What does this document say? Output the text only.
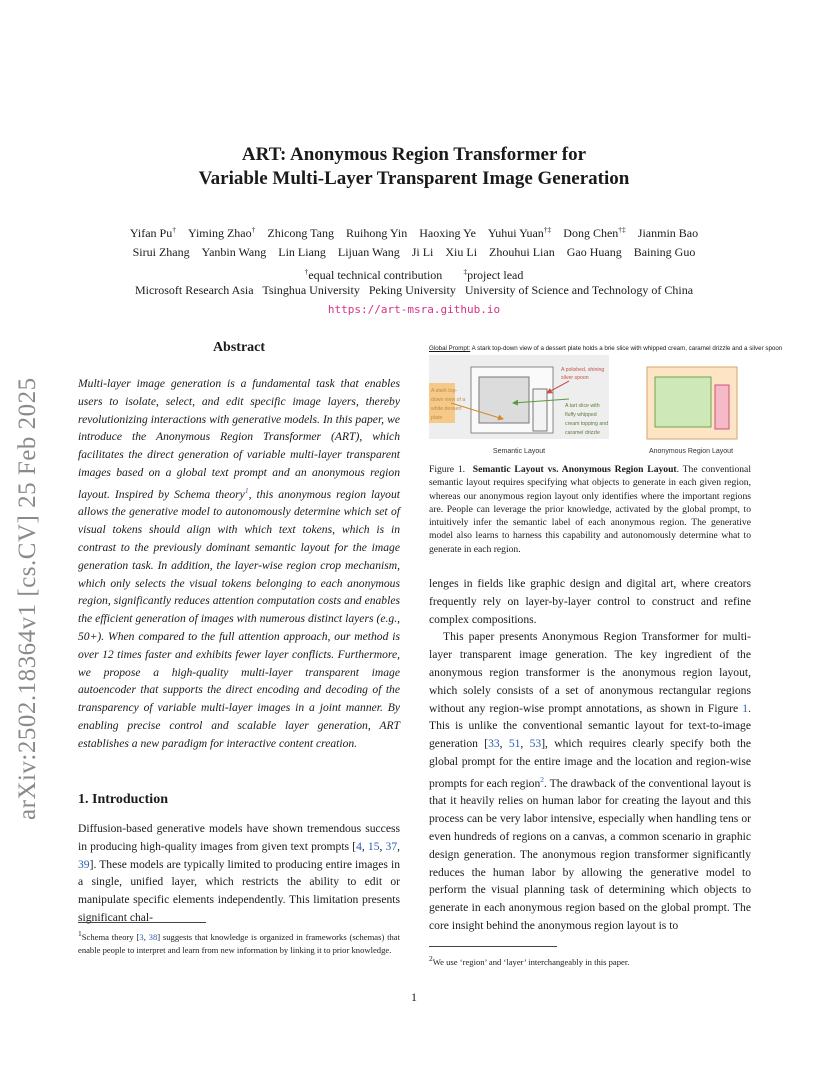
arXiv:2502.18364v1 [cs.CV] 25 Feb 2025
ART: Anonymous Region Transformer for
Variable Multi-Layer Transparent Image Generation
Yifan Pu†  Yiming Zhao†  Zhicong Tang  Ruihong Yin  Haoxing Ye  Yuhui Yuan†‡  Dong Chen†‡  Jianmin Bao
Sirui Zhang  Yanbin Wang  Lin Liang  Lijuan Wang  Ji Li  Xiu Li  Zhouhui Lian  Gao Huang  Baining Guo
†equal technical contribution	‡project lead
Microsoft Research Asia   Tsinghua University   Peking University   University of Science and Technology of China
https://art-msra.github.io
Abstract
Multi-layer image generation is a fundamental task that enables users to isolate, select, and edit specific image layers, thereby revolutionizing interactions with generative models. In this paper, we introduce the Anonymous Region Transformer (ART), which facilitates the direct generation of variable multi-layer transparent images based on a global text prompt and an anonymous region layout. Inspired by Schema theory$^1$, this anonymous region layout allows the generative model to autonomously determine which set of visual tokens should align with which text tokens, which is in contrast to the previously dominant semantic layout for the image generation task. In addition, the layer-wise region crop mechanism, which only selects the visual tokens belonging to each anonymous region, significantly reduces attention computation costs and enables the efficient generation of images with numerous distinct layers (e.g., 50+). When compared to the full attention approach, our method is over 12 times faster and exhibits fewer layer conflicts. Furthermore, we propose a high-quality multi-layer transparent image autoencoder that supports the direct encoding and decoding of the transparency of variable multi-layer images in a joint manner. By enabling precise control and scalable layer generation, ART establishes a new paradigm for interactive content creation.
1. Introduction
Diffusion-based generative models have shown tremendous success in producing high-quality images from given text prompts [4, 15, 37, 39]. These models are typically limited to producing entire images in a single, unified layer, which restricts the ability to edit or manipulate specific elements independently. This limitation presents significant chal-
$^1$Schema theory [3, 38] suggests that knowledge is organized in frameworks (schemas) that enable people to interpret and learn from new information by linking it to prior knowledge.
Global Prompt: A stark top-down view of a dessert plate holds a brie slice with whipped cream, caramel drizzle and a silver spoon
A stark top- down view of a white dessert plate
A polished, shining silver spoon
A tart slice with fluffy whipped cream topping and caramel drizzle
Semantic Layout	Anonymous Region Layout
Figure 1.  Semantic Layout vs. Anonymous Region Layout. The conventional semantic layout requires specifying what objects to generate in each given region, whereas our anonymous region layout only identifies where the important regions are. People can leverage the prior knowledge, activated by the global prompt, to intuitively infer the semantic label of each anonymous region. The generative model also learns to harness this capability and autonomously determine what to generate in each region.

lenges in fields like graphic design and digital art, where creators frequently rely on layer-by-layer control to construct and refine complex compositions.

This paper presents Anonymous Region Transformer for multi-layer transparent image generation. The key ingredient of the anonymous region transformer is the anonymous region layout, which solely consists of a set of anonymous rectangular regions without any region-wise prompt annotations, as shown in Figure 1. This is unlike the conventional semantic layout for text-to-image generation [33, 51, 53], which requires clearly specify both the global prompt for the entire image and the location and region-wise prompts for each region$^2$. The drawback of the conventional layout is that it heavily relies on human labor for creating the layout and this process can be very labor intensive, especially when handling tens or even hundreds of regions on a canvas, a common scenario in graphic design generation. The anonymous region transformer significantly reduces the human labor by allowing the generative model to perform the visual planning task of determining which objects to generate in each anonymous region based on the global prompt. The core insight behind the anonymous region layout is to

$^2$We use ‘region’ and ‘layer’ interchangeably in this paper.
1
